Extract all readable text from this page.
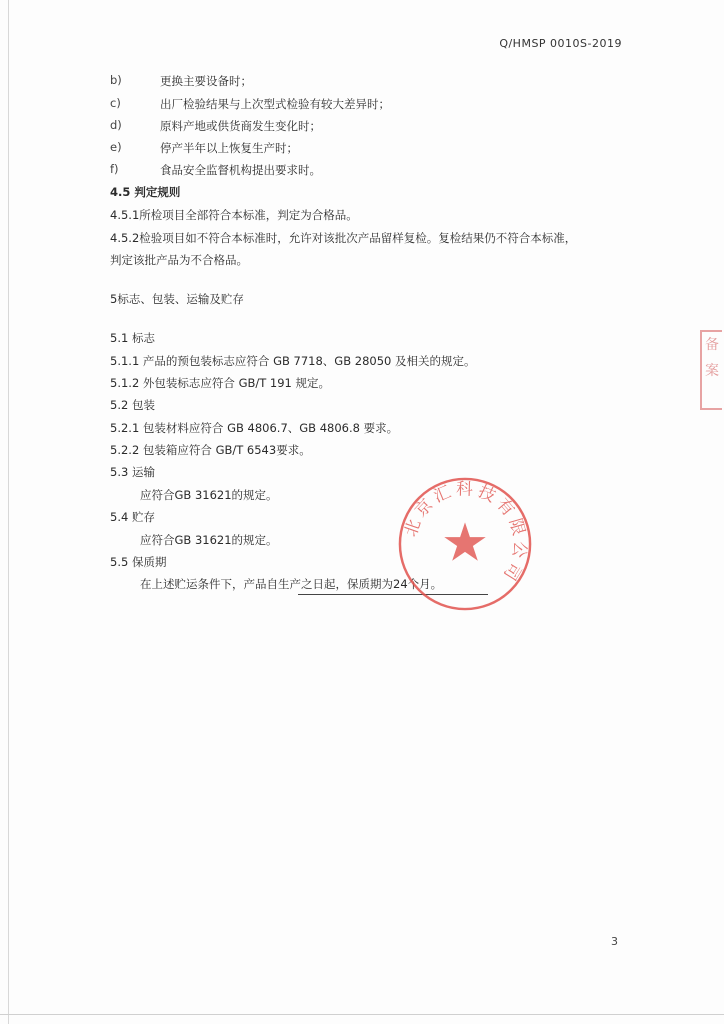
Q/HMSP 0010S-2019
b)	更换主要设备时；
c)	出厂检验结果与上次型式检验有较大差异时；
d)	原料产地或供货商发生变化时；
e)	停产半年以上恢复生产时；
f)	食品安全监督机构提出要求时。
4.5 判定规则
4.5.1所检项目全部符合本标准，判定为合格品。
4.5.2检验项目如不符合本标准时，允许对该批次产品留样复检。复检结果仍不符合本标准，
判定该批产品为不合格品。
5标志、包装、运输及贮存
5.1 标志
5.1.1 产品的预包装标志应符合 GB 7718、GB 28050 及相关的规定。
5.1.2 外包装标志应符合 GB/T 191 规定。
5.2 包装
5.2.1 包装材料应符合 GB 4806.7、GB 4806.8 要求。
5.2.2 包装箱应符合 GB/T 6543要求。
5.3 运输
应符合GB 31621的规定。
5.4 贮存
应符合GB 31621的规定。
5.5 保质期
在上述贮运条件下，产品自生产之日起，保质期为24个月。
北京汇科技有限公司
备案
3
